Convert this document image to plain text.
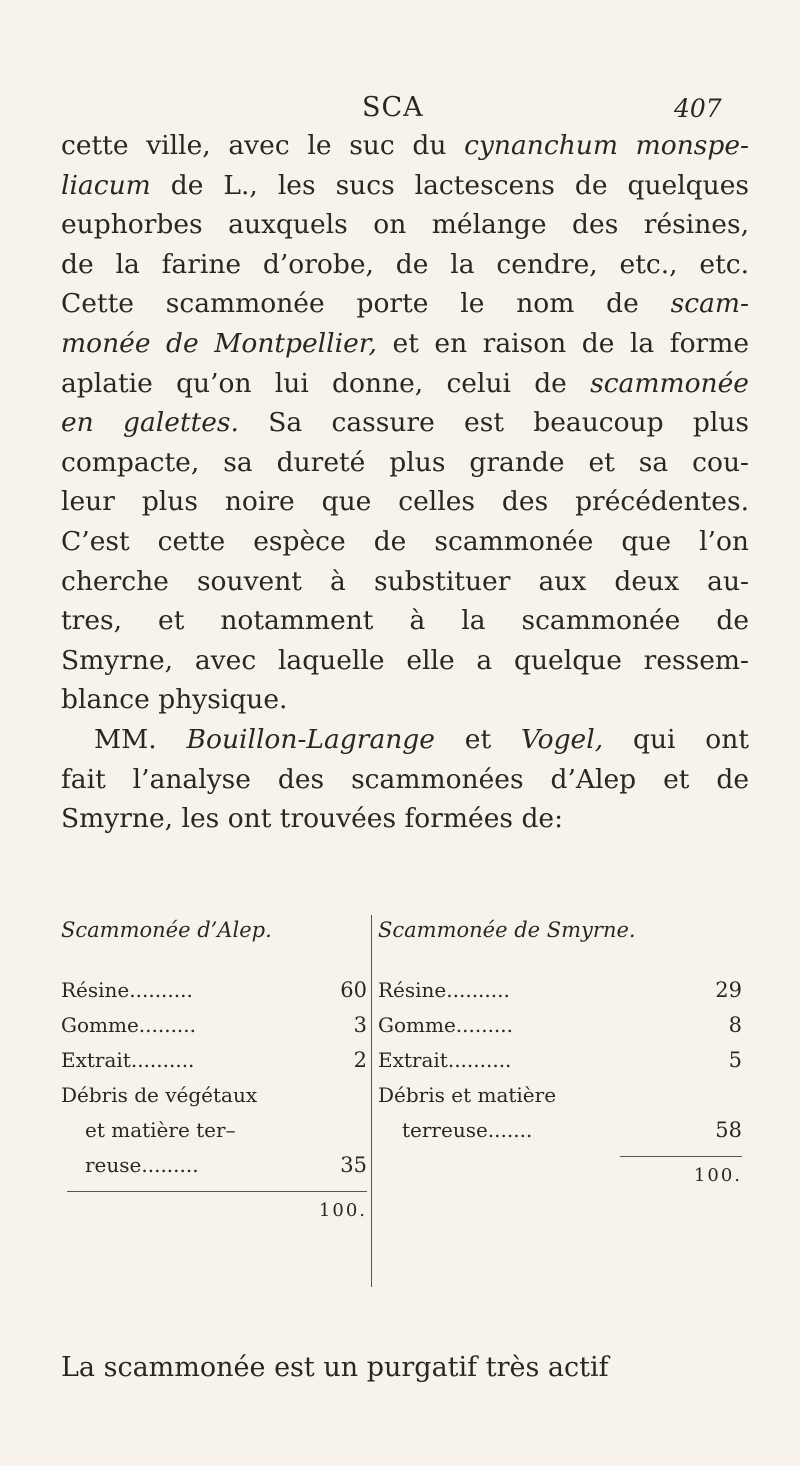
SCA	407
cette ville, avec le suc du cynanchum monspe-
liacum de L., les sucs lactescens de quelques
euphorbes auxquels on mélange des résines,
de la farine d’orobe, de la cendre, etc., etc.
Cette scammonée porte le nom de scam-
monée de Montpellier, et en raison de la forme
aplatie qu’on lui donne, celui de scammonée
en galettes. Sa cassure est beaucoup plus
compacte, sa dureté plus grande et sa cou-
leur plus noire que celles des précédentes.
C’est cette espèce de scammonée que l’on
cherche souvent à substituer aux deux au-
tres, et notamment à la scammonée de
Smyrne, avec laquelle elle a quelque ressem-
blance physique.
MM. Bouillon-Lagrange et Vogel, qui ont
fait l’analyse des scammonées d’Alep et de
Smyrne, les ont trouvées formées de:
Scammonée d’Alep.
Résine..........	60
Gomme.........	3
Extrait..........	2
Débris de végétaux
et matière ter–
reuse.........	35
100.
Scammonée de Smyrne.
Résine..........	29
Gomme.........	8
Extrait..........	5
Débris et matière
terreuse.......	58
100.
La scammonée est un purgatif très actif
